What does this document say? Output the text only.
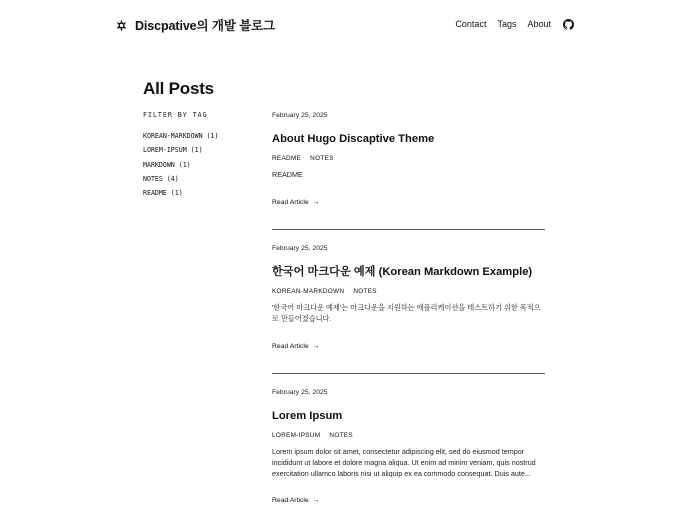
Discpative의 개발 블로그	Contact Tags About
All Posts
FILTER BY TAG
KOREAN-MARKDOWN (1)
LOREM-IPSUM (1)
MARKDOWN (1)
NOTES (4)
README (1)
February 25, 2025
About Hugo Discaptive Theme
README NOTES

README

Read Article →
February 25, 2025
한국어 마크다운 예제 (Korean Markdown Example)
KOREAN-MARKDOWN NOTES

'한국어 마크다운 예제'는 마크다운을 지원하는 애플리케이션을 테스트하기 위한 목적으로 만들어졌습니다.

Read Article →
February 25, 2025
Lorem Ipsum
LOREM-IPSUM NOTES

Lorem ipsum dolor sit amet, consectetur adipiscing elit, sed do eiusmod tempor incididunt ut labore et dolore magna aliqua. Ut enim ad minim veniam, quis nostrud exercitation ullamco laboris nisi ut aliquip ex ea commodo consequat. Duis aute...

Read Article →
